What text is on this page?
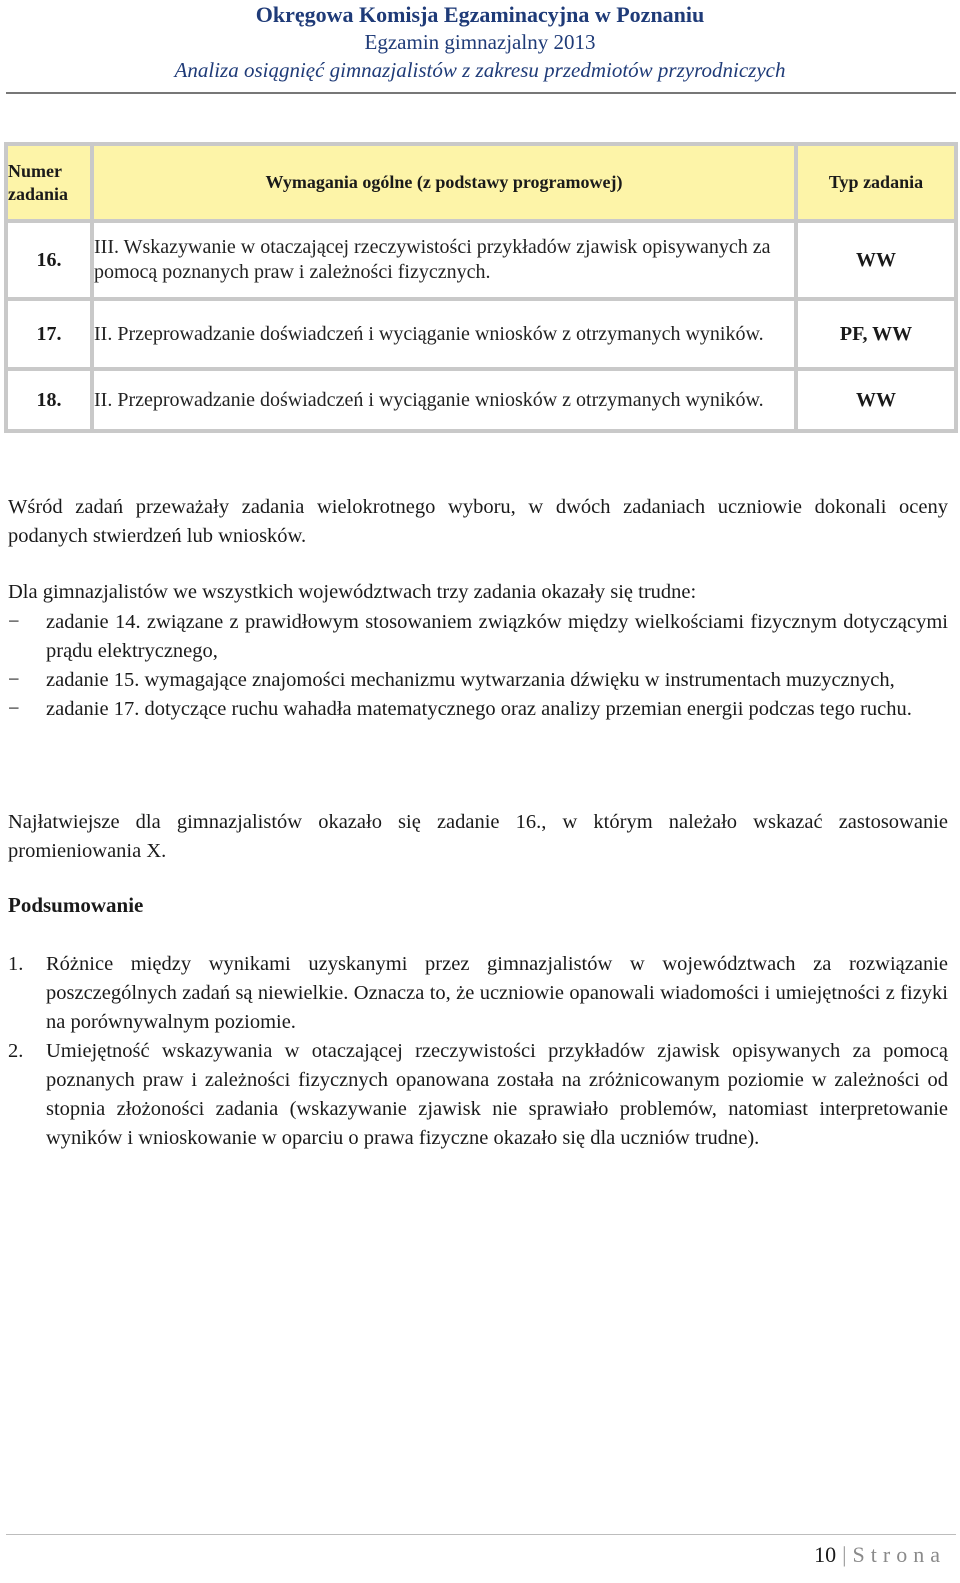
Okręgowa Komisja Egzaminacyjna w Poznaniu
Egzamin gimnazjalny 2013
Analiza osiągnięć gimnazjalistów z zakresu przedmiotów przyrodniczych
Numer zadania	Wymagania ogólne (z podstawy programowej)	Typ zadania
16.	III. Wskazywanie w otaczającej rzeczywistości przykładów zjawisk opisywanych za pomocą poznanych praw i zależności fizycznych.	WW
17.	II. Przeprowadzanie doświadczeń i wyciąganie wniosków z otrzymanych wyników.	PF, WW
18.	II. Przeprowadzanie doświadczeń i wyciąganie wniosków z otrzymanych wyników.	WW
Wśród zadań przeważały zadania wielokrotnego wyboru, w dwóch zadaniach uczniowie dokonali oceny podanych stwierdzeń lub wniosków.
Dla gimnazjalistów we wszystkich województwach trzy zadania okazały się trudne:
− zadanie 14. związane z prawidłowym stosowaniem związków między wielkościami fizycznym dotyczącymi prądu elektrycznego,
− zadanie 15. wymagające znajomości mechanizmu wytwarzania dźwięku w instrumentach muzycznych,
− zadanie 17. dotyczące ruchu wahadła matematycznego oraz analizy przemian energii podczas tego ruchu.
Najłatwiejsze dla gimnazjalistów okazało się zadanie 16., w którym należało wskazać zastosowanie promieniowania X.
Podsumowanie
1. Różnice między wynikami uzyskanymi przez gimnazjalistów w województwach za rozwiązanie poszczególnych zadań są niewielkie. Oznacza to, że uczniowie opanowali wiadomości i umiejętności z fizyki na porównywalnym poziomie.
2. Umiejętność wskazywania w otaczającej rzeczywistości przykładów zjawisk opisywanych za pomocą poznanych praw i zależności fizycznych opanowana została na zróżnicowanym poziomie w zależności od stopnia złożoności zadania (wskazywanie zjawisk nie sprawiało problemów, natomiast interpretowanie wyników i wnioskowanie w oparciu o prawa fizyczne okazało się dla uczniów trudne).
10 | Strona
